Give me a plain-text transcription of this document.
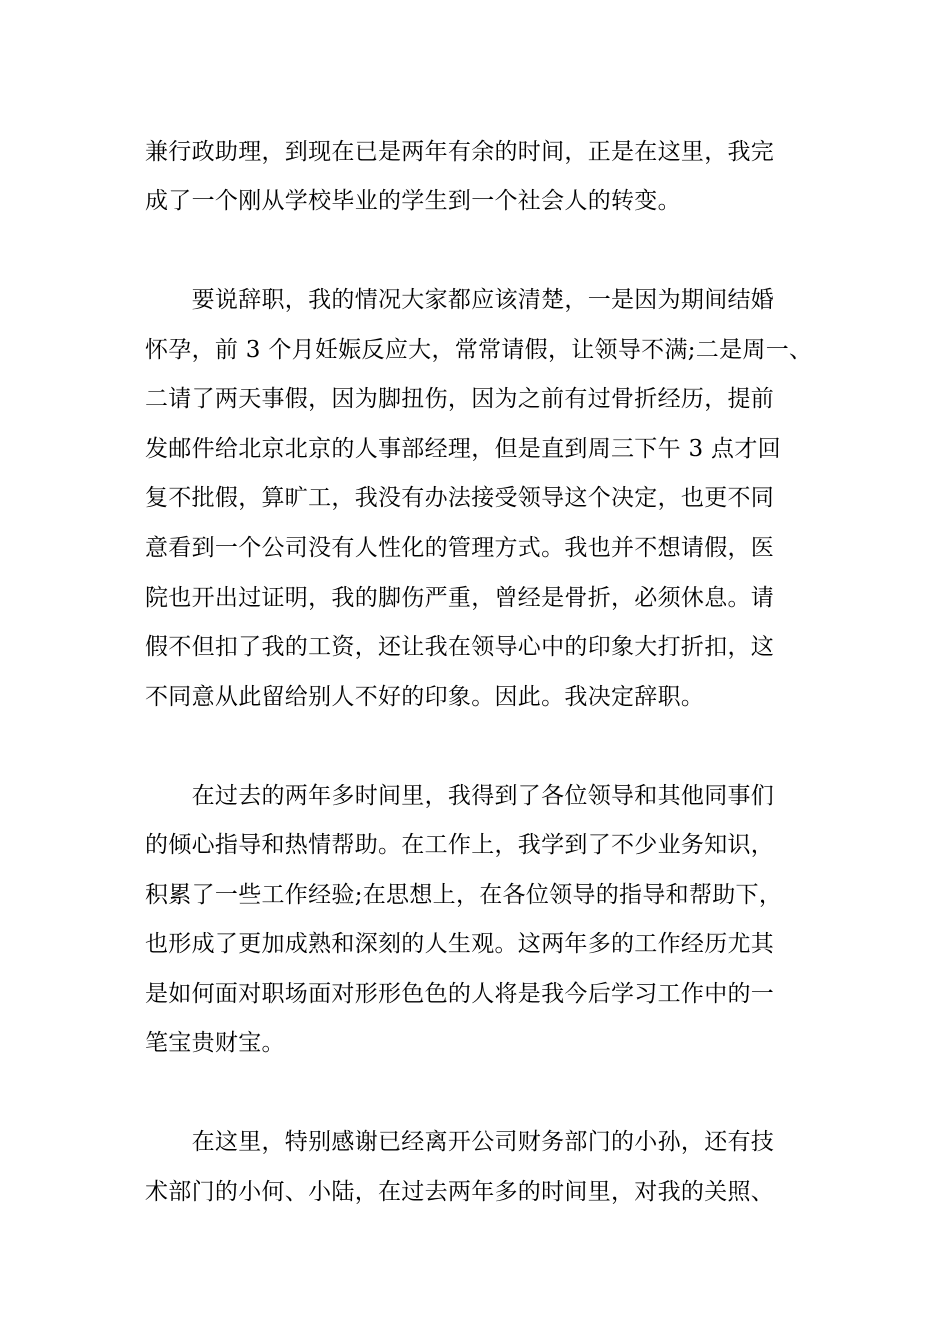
兼行政助理，到现在已是两年有余的时间，正是在这里，我完
成了一个刚从学校毕业的学生到一个社会人的转变。
　　要说辞职，我的情况大家都应该清楚，一是因为期间结婚
怀孕，前 3 个月妊娠反应大，常常请假，让领导不满;二是周一、
二请了两天事假，因为脚扭伤，因为之前有过骨折经历，提前
发邮件给北京北京的人事部经理，但是直到周三下午 3 点才回
复不批假，算旷工，我没有办法接受领导这个决定，也更不同
意看到一个公司没有人性化的管理方式。我也并不想请假，医
院也开出过证明，我的脚伤严重，曾经是骨折，必须休息。请
假不但扣了我的工资，还让我在领导心中的印象大打折扣，这
不同意从此留给别人不好的印象。因此。我决定辞职。
　　在过去的两年多时间里，我得到了各位领导和其他同事们
的倾心指导和热情帮助。在工作上，我学到了不少业务知识，
积累了一些工作经验;在思想上，在各位领导的指导和帮助下，
也形成了更加成熟和深刻的人生观。这两年多的工作经历尤其
是如何面对职场面对形形色色的人将是我今后学习工作中的一
笔宝贵财宝。
　　在这里，特别感谢已经离开公司财务部门的小孙，还有技
术部门的小何、小陆，在过去两年多的时间里，对我的关照、
